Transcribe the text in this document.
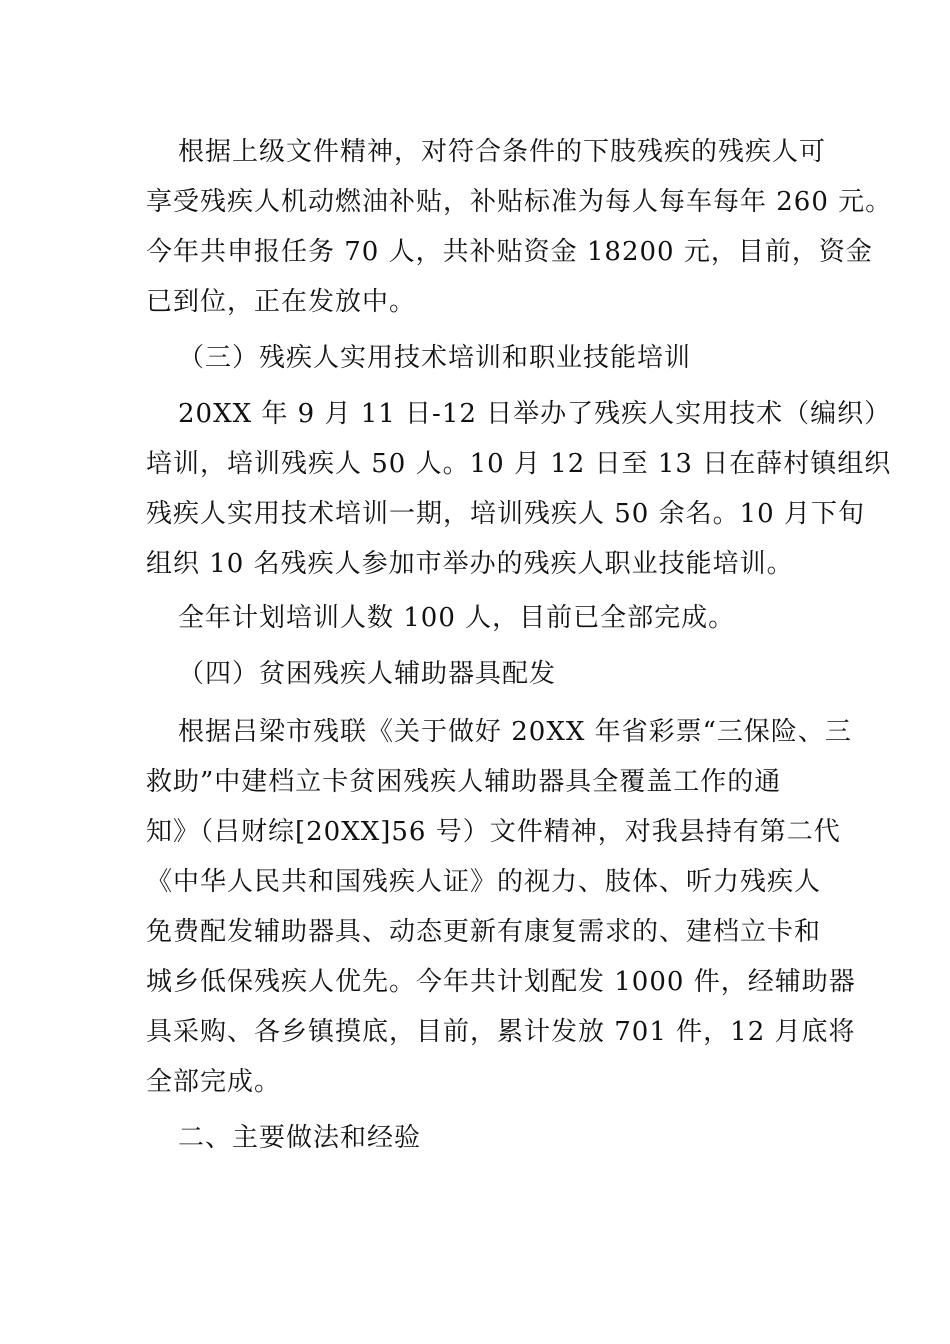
根据上级文件精神，对符合条件的下肢残疾的残疾人可
享受残疾人机动燃油补贴，补贴标准为每人每车每年 260 元。
今年共申报任务 70 人，共补贴资金 18200 元，目前，资金
已到位，正在发放中。
（三）残疾人实用技术培训和职业技能培训
20XX 年 9 月 11 日-12 日举办了残疾人实用技术（编织）
培训，培训残疾人 50 人。10 月 12 日至 13 日在薛村镇组织
残疾人实用技术培训一期，培训残疾人 50 余名。10 月下旬
组织 10 名残疾人参加市举办的残疾人职业技能培训。
全年计划培训人数 100 人，目前已全部完成。
（四）贫困残疾人辅助器具配发
根据吕梁市残联《关于做好 20XX 年省彩票“三保险、三
救助”中建档立卡贫困残疾人辅助器具全覆盖工作的通
知》（吕财综[20XX]56 号）文件精神，对我县持有第二代
《中华人民共和国残疾人证》的视力、肢体、听力残疾人
免费配发辅助器具、动态更新有康复需求的、建档立卡和
城乡低保残疾人优先。今年共计划配发 1000 件，经辅助器
具采购、各乡镇摸底，目前，累计发放 701 件，12 月底将
全部完成。
二、主要做法和经验
